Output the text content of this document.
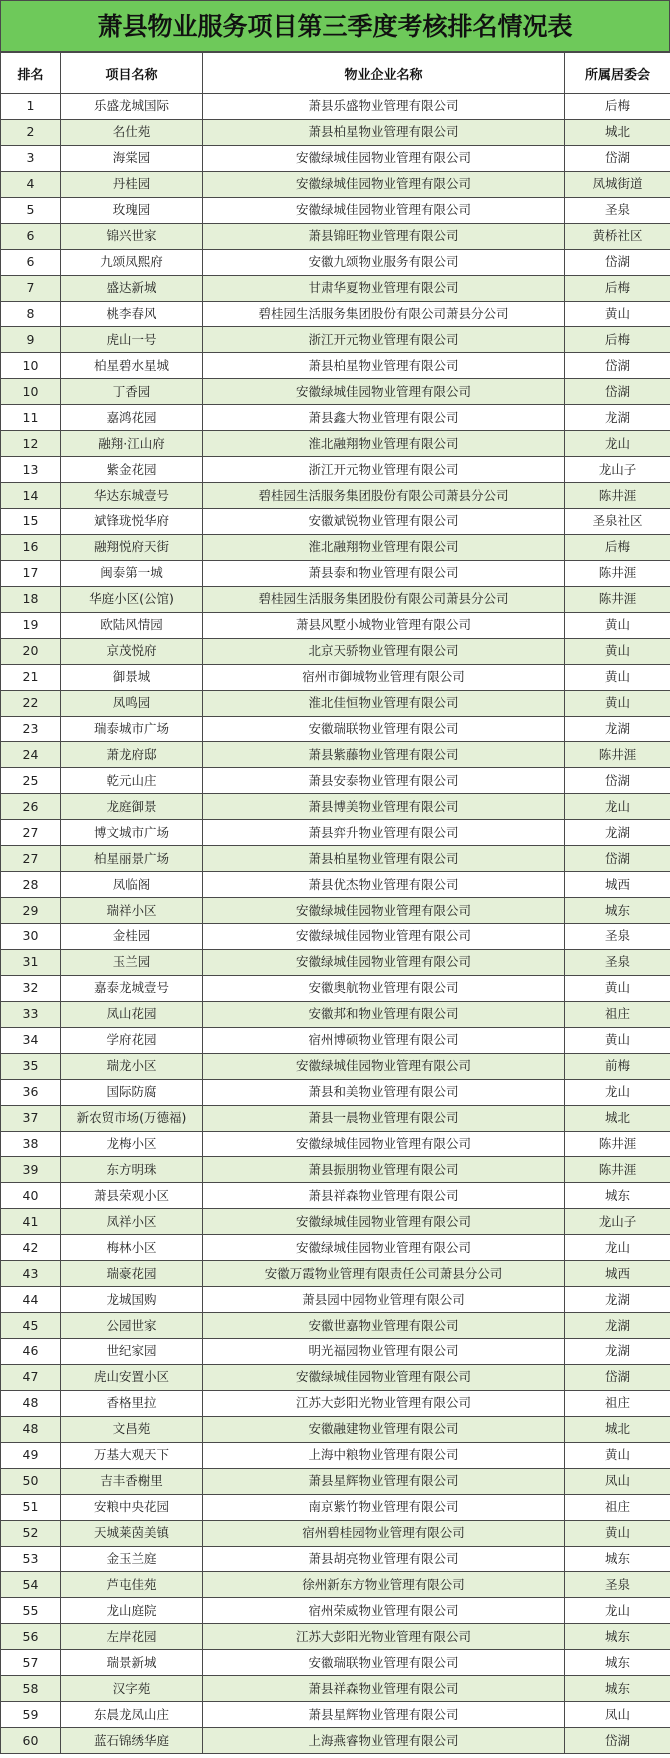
萧县物业服务项目第三季度考核排名情况表
排名	项目名称	物业企业名称	所属居委会
1	乐盛龙城国际	萧县乐盛物业管理有限公司	后梅
2	名仕苑	萧县柏星物业管理有限公司	城北
3	海棠园	安徽绿城佳园物业管理有限公司	岱湖
4	丹桂园	安徽绿城佳园物业管理有限公司	凤城街道
5	玫瑰园	安徽绿城佳园物业管理有限公司	圣泉
6	锦兴世家	萧县锦旺物业管理有限公司	黄桥社区
6	九颂凤熙府	安徽九颂物业服务有限公司	岱湖
7	盛达新城	甘肃华夏物业管理有限公司	后梅
8	桃李春风	碧桂园生活服务集团股份有限公司萧县分公司	黄山
9	虎山一号	浙江开元物业管理有限公司	后梅
10	柏星碧水星城	萧县柏星物业管理有限公司	岱湖
10	丁香园	安徽绿城佳园物业管理有限公司	岱湖
11	嘉鸿花园	萧县鑫大物业管理有限公司	龙湖
12	融翔·江山府	淮北融翔物业管理有限公司	龙山
13	紫金花园	浙江开元物业管理有限公司	龙山子
14	华达东城壹号	碧桂园生活服务集团股份有限公司萧县分公司	陈井涯
15	斌锋珑悦华府	安徽斌锐物业管理有限公司	圣泉社区
16	融翔悦府天街	淮北融翔物业管理有限公司	后梅
17	闽泰第一城	萧县泰和物业管理有限公司	陈井涯
18	华庭小区(公馆)	碧桂园生活服务集团股份有限公司萧县分公司	陈井涯
19	欧陆风情园	萧县风墅小城物业管理有限公司	黄山
20	京茂悦府	北京天骄物业管理有限公司	黄山
21	御景城	宿州市御城物业管理有限公司	黄山
22	凤鸣园	淮北佳恒物业管理有限公司	黄山
23	瑞泰城市广场	安徽瑞联物业管理有限公司	龙湖
24	萧龙府邸	萧县紫藤物业管理有限公司	陈井涯
25	乾元山庄	萧县安泰物业管理有限公司	岱湖
26	龙庭御景	萧县博美物业管理有限公司	龙山
27	博文城市广场	萧县弈升物业管理有限公司	龙湖
27	柏星丽景广场	萧县柏星物业管理有限公司	岱湖
28	凤临阁	萧县优杰物业管理有限公司	城西
29	瑞祥小区	安徽绿城佳园物业管理有限公司	城东
30	金桂园	安徽绿城佳园物业管理有限公司	圣泉
31	玉兰园	安徽绿城佳园物业管理有限公司	圣泉
32	嘉泰龙城壹号	安徽奥航物业管理有限公司	黄山
33	凤山花园	安徽邦和物业管理有限公司	祖庄
34	学府花园	宿州博硕物业管理有限公司	黄山
35	瑞龙小区	安徽绿城佳园物业管理有限公司	前梅
36	国际防腐	萧县和美物业管理有限公司	龙山
37	新农贸市场(万德福)	萧县一晨物业管理有限公司	城北
38	龙梅小区	安徽绿城佳园物业管理有限公司	陈井涯
39	东方明珠	萧县振朋物业管理有限公司	陈井涯
40	萧县荣观小区	萧县祥森物业管理有限公司	城东
41	凤祥小区	安徽绿城佳园物业管理有限公司	龙山子
42	梅林小区	安徽绿城佳园物业管理有限公司	龙山
43	瑞豪花园	安徽万霞物业管理有限责任公司萧县分公司	城西
44	龙城国购	萧县园中园物业管理有限公司	龙湖
45	公园世家	安徽世嘉物业管理有限公司	龙湖
46	世纪家园	明光福园物业管理有限公司	龙湖
47	虎山安置小区	安徽绿城佳园物业管理有限公司	岱湖
48	香格里拉	江苏大彭阳光物业管理有限公司	祖庄
48	文昌苑	安徽融建物业管理有限公司	城北
49	万基大观天下	上海中粮物业管理有限公司	黄山
50	吉丰香榭里	萧县星辉物业管理有限公司	凤山
51	安粮中央花园	南京紫竹物业管理有限公司	祖庄
52	天城莱茵美镇	宿州碧桂园物业管理有限公司	黄山
53	金玉兰庭	萧县胡亮物业管理有限公司	城东
54	芦屯佳苑	徐州新东方物业管理有限公司	圣泉
55	龙山庭院	宿州荣威物业管理有限公司	龙山
56	左岸花园	江苏大彭阳光物业管理有限公司	城东
57	瑞景新城	安徽瑞联物业管理有限公司	城东
58	汉字苑	萧县祥森物业管理有限公司	城东
59	东晨龙凤山庄	萧县星辉物业管理有限公司	凤山
60	蓝石锦绣华庭	上海燕睿物业管理有限公司	岱湖
